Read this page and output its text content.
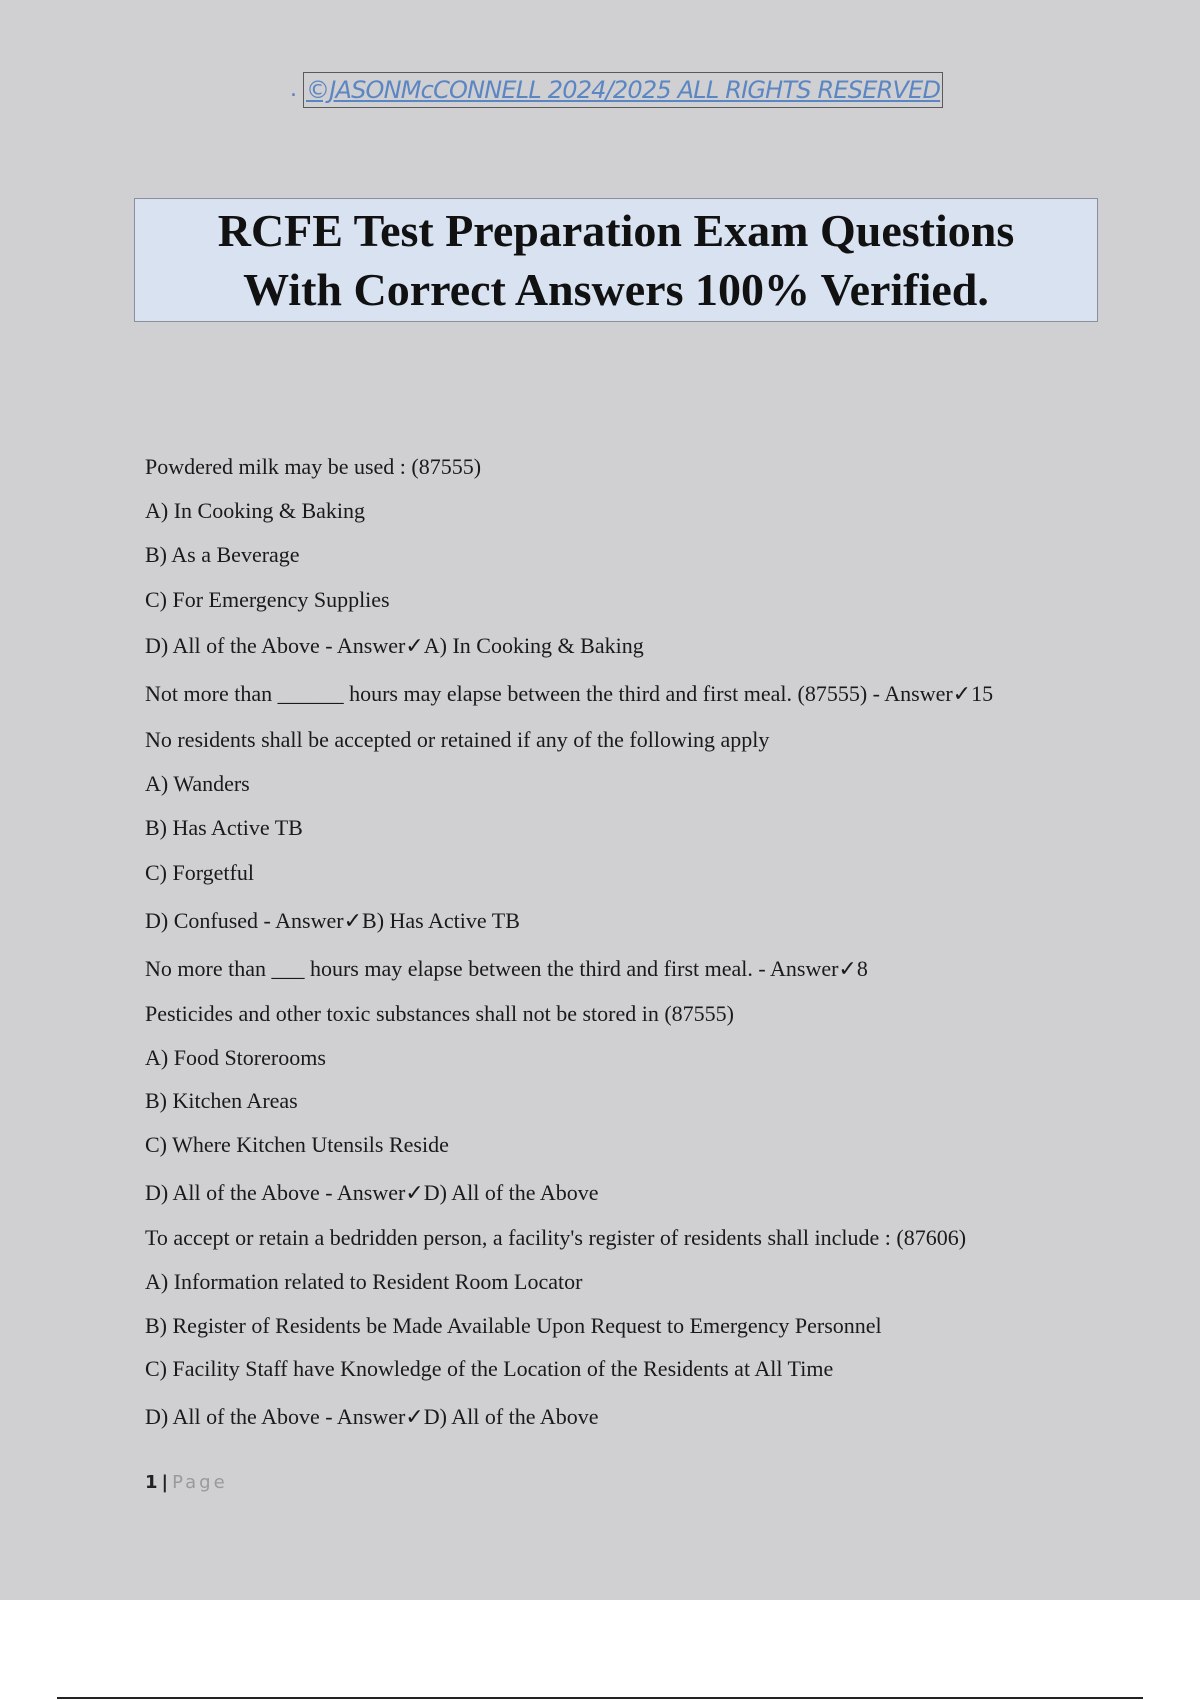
. ©JASONMcCONNELL 2024/2025 ALL RIGHTS RESERVED
RCFE Test Preparation Exam Questions
With Correct Answers 100% Verified.
Powdered milk may be used : (87555)
A) In Cooking & Baking
B) As a Beverage
C) For Emergency Supplies
D) All of the Above - Answer✓A) In Cooking & Baking
Not more than ______ hours may elapse between the third and first meal. (87555) - Answer✓15
No residents shall be accepted or retained if any of the following apply
A) Wanders
B) Has Active TB
C) Forgetful
D) Confused - Answer✓B) Has Active TB
No more than ___ hours may elapse between the third and first meal. - Answer✓8
Pesticides and other toxic substances shall not be stored in (87555)
A) Food Storerooms
B) Kitchen Areas
C) Where Kitchen Utensils Reside
D) All of the Above - Answer✓D) All of the Above
To accept or retain a bedridden person, a facility's register of residents shall include : (87606)
A) Information related to Resident Room Locator
B) Register of Residents be Made Available Upon Request to Emergency Personnel
C) Facility Staff have Knowledge of the Location of the Residents at All Time
D) All of the Above - Answer✓D) All of the Above
1 | Page
